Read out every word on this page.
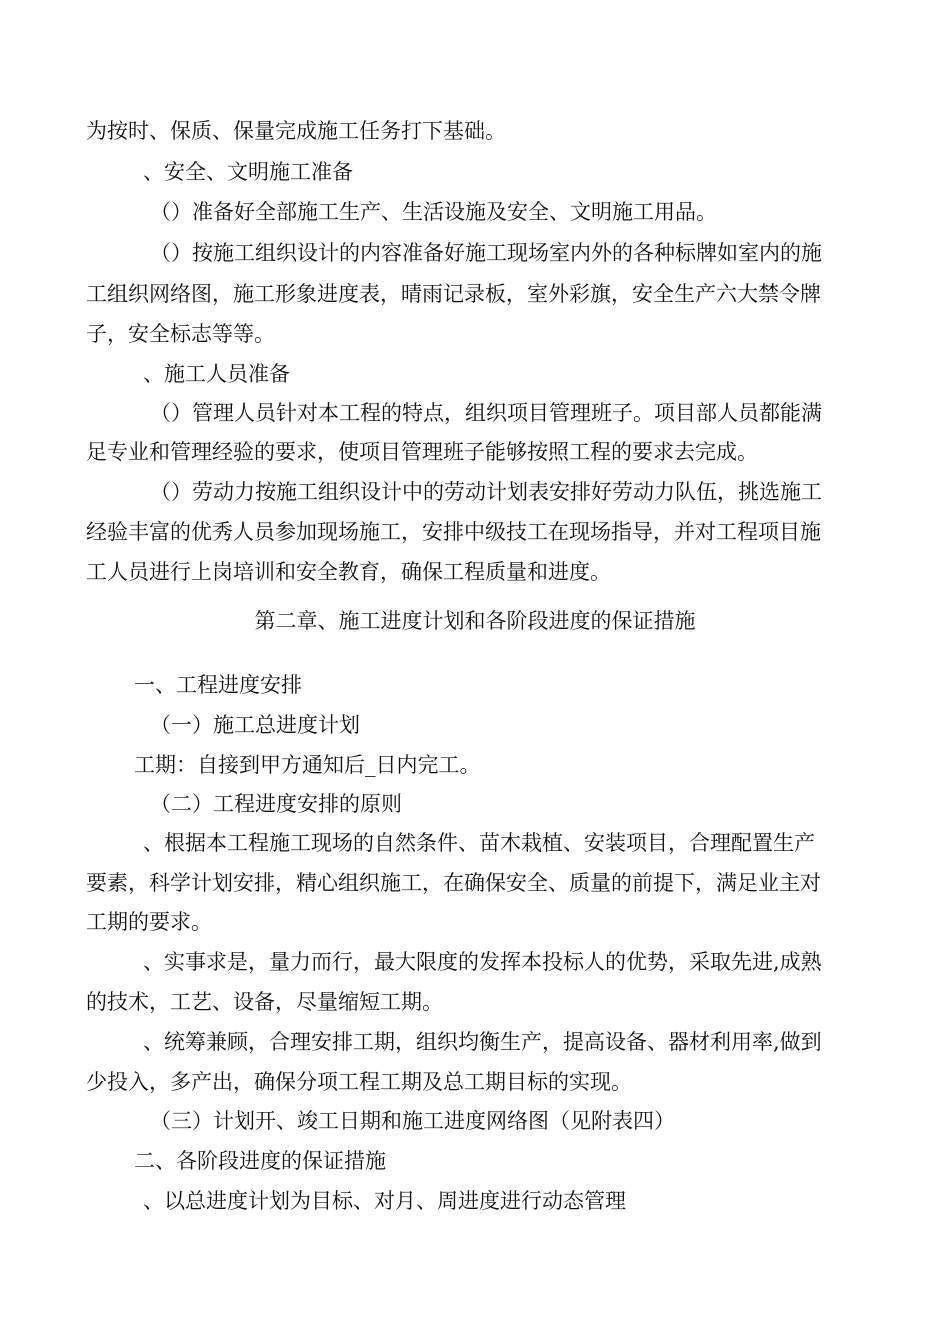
为按时、保质、保量完成施工任务打下基础。
、安全、文明施工准备
（）准备好全部施工生产、生活设施及安全、文明施工用品。
（）按施工组织设计的内容准备好施工现场室内外的各种标牌如室内的施
工组织网络图，施工形象进度表，晴雨记录板，室外彩旗，安全生产六大禁令牌
子，安全标志等等。
、施工人员准备
（）管理人员针对本工程的特点，组织项目管理班子。项目部人员都能满
足专业和管理经验的要求，使项目管理班子能够按照工程的要求去完成。
（）劳动力按施工组织设计中的劳动计划表安排好劳动力队伍，挑选施工
经验丰富的优秀人员参加现场施工，安排中级技工在现场指导，并对工程项目施
工人员进行上岗培训和安全教育，确保工程质量和进度。
第二章、施工进度计划和各阶段进度的保证措施
一、工程进度安排
（一）施工总进度计划
工期：自接到甲方通知后_日内完工。
（二）工程进度安排的原则
、根据本工程施工现场的自然条件、苗木栽植、安装项目，合理配置生产
要素，科学计划安排，精心组织施工，在确保安全、质量的前提下，满足业主对
工期的要求。
、实事求是，量力而行，最大限度的发挥本投标人的优势，采取先进,成熟
的技术，工艺、设备，尽量缩短工期。
、统筹兼顾，合理安排工期，组织均衡生产，提高设备、器材利用率,做到
少投入，多产出，确保分项工程工期及总工期目标的实现。
（三）计划开、竣工日期和施工进度网络图（见附表四）
二、各阶段进度的保证措施
、以总进度计划为目标、对月、周进度进行动态管理
